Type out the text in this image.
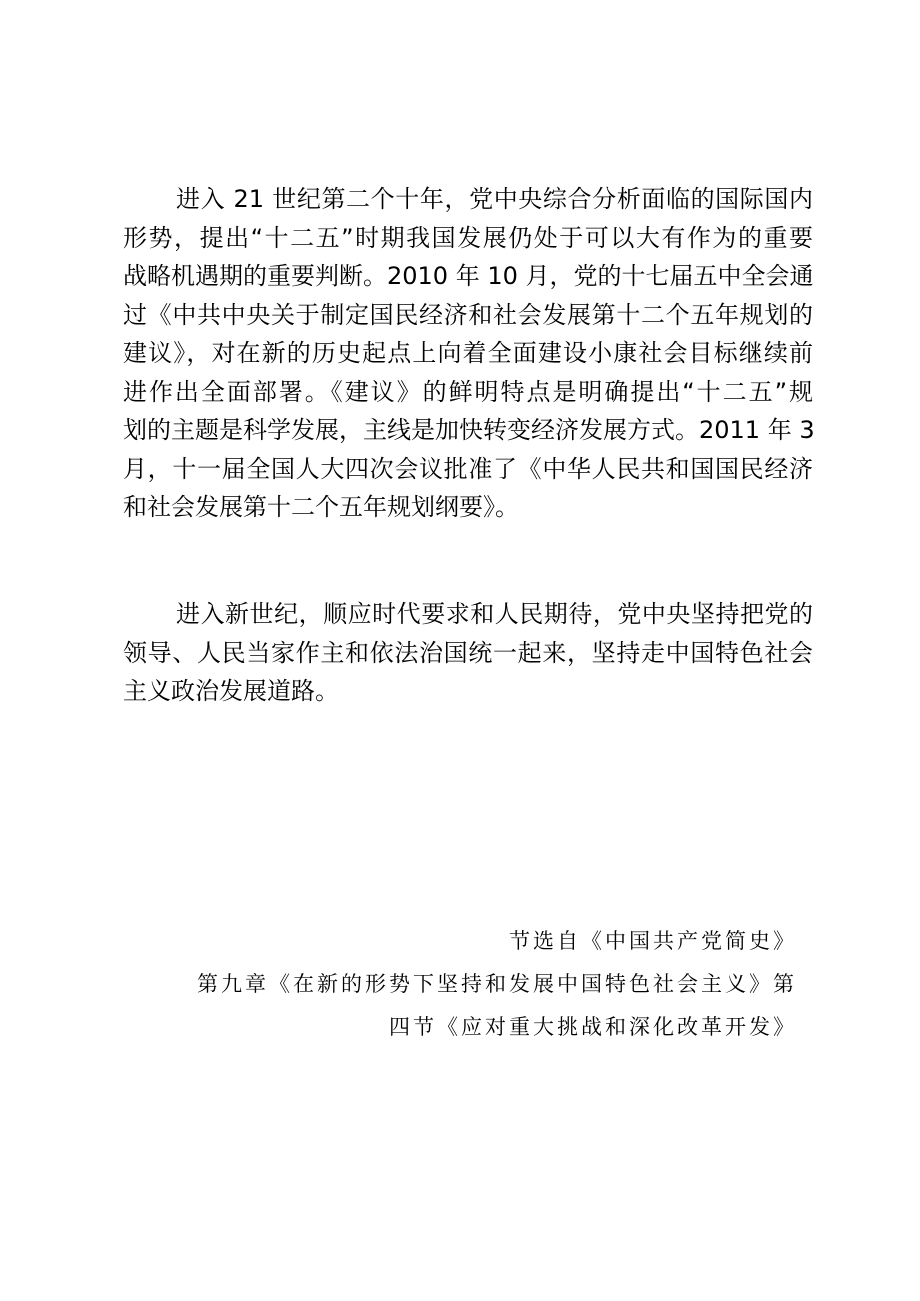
进入 21 世纪第二个十年，党中央综合分析面临的国际国内
形势，提出“十二五”时期我国发展仍处于可以大有作为的重要
战略机遇期的重要判断。2010 年 10 月，党的十七届五中全会通
过《中共中央关于制定国民经济和社会发展第十二个五年规划的
建议》，对在新的历史起点上向着全面建设小康社会目标继续前
进作出全面部署。《建议》的鲜明特点是明确提出“十二五”规
划的主题是科学发展，主线是加快转变经济发展方式。2011 年 3
月，十一届全国人大四次会议批准了《中华人民共和国国民经济
和社会发展第十二个五年规划纲要》。

进入新世纪，顺应时代要求和人民期待，党中央坚持把党的
领导、人民当家作主和依法治国统一起来，坚持走中国特色社会
主义政治发展道路。

节选自《中国共产党简史》
第九章《在新的形势下坚持和发展中国特色社会主义》第
四节《应对重大挑战和深化改革开发》
